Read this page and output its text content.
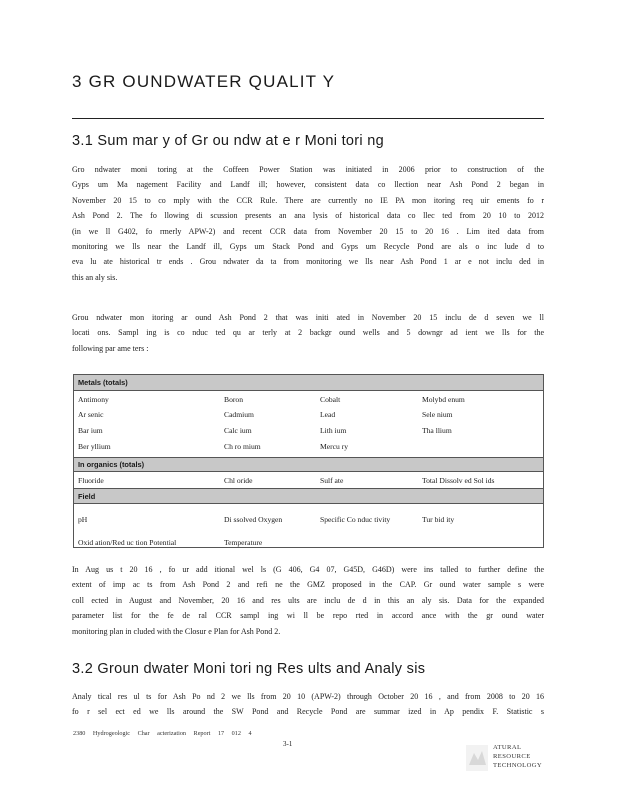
3 GR OUNDWATER QUALIT Y
3.1 Sum mar y of Gr ou ndw at e r Moni tori ng
Gro ndwater moni toring at the Coffeen Power Station was initiated in 2006 prior to construction of the
Gyps um Ma nagement Facility and Landf ill; however, consistent data co llection near Ash Pond 2 began in
November 20 15 to co mply with the CCR Rule. There are currently no IE PA mon itoring req uir ements fo r
Ash Pond 2. The fo llowing di scussion presents an ana lysis of historical data co llec ted from 20 10 to 2012
(in we ll G402, fo rmerly APW-2) and recent CCR data from November 20 15 to 20 16 . Lim ited data from
monitoring we lls near the Landf ill, Gyps um Stack Pond and Gyps um Recycle Pond are als o inc lude d to
eva lu ate historical tr ends . Grou ndwater da ta from monitoring we lls near Ash Pond 1 ar e not inclu ded in
this an aly sis.
Grou ndwater mon itoring ar ound Ash Pond 2 that was initi ated in November 20 15 inclu de d seven we ll
locati ons. Sampl ing is co nduc ted qu ar terly at 2 backgr ound wells and 5 downgr ad ient we lls for the
following par ame ters :
Metals (totals)
Antimony	Boron	Cobalt	Molybd enum
Ar senic	Cadmium	Lead	Sele nium
Bar ium	Calc ium	Lith ium	Tha llium
Ber yllium	Ch ro mium	Mercu ry
In organics (totals)
Fluoride	Chl oride	Sulf ate	Total Dissolv ed Sol ids
Field
pH	Di ssolved Oxygen	Specific Co nduc tivity	Tur bid ity
Oxid ation/Red uc tion Potential	Temperature
In Aug us t 20 16 , fo ur add itional wel ls (G 406, G4 07, G45D, G46D) were ins talled to further define the
extent of imp ac ts from Ash Pond 2 and refi ne the GMZ proposed in the CAP. Gr ound water sample s were
coll ected in August and November, 20 16 and res ults are inclu de d in this an aly sis. Data for the expanded
parameter list for the fe de ral CCR sampl ing wi ll be repo rted in accord ance with the gr ound water
monitoring plan in cluded with the Closur e Plan for Ash Pond 2.
3.2 Groun dwater Moni tori ng Res ults and Analy sis
Analy tical res ul ts for Ash Po nd 2 we lls from 20 10 (APW-2) through October 20 16 , and from 2008 to 20 16
fo r sel ect ed we lls around the SW Pond and Recycle Pond are summar ized in Ap pendix F. Statistic s
2380 Hydrogeologic Char acterization Report 17 012 4
3-1	ATURAL
RESOURCE
TECHNOLOGY
